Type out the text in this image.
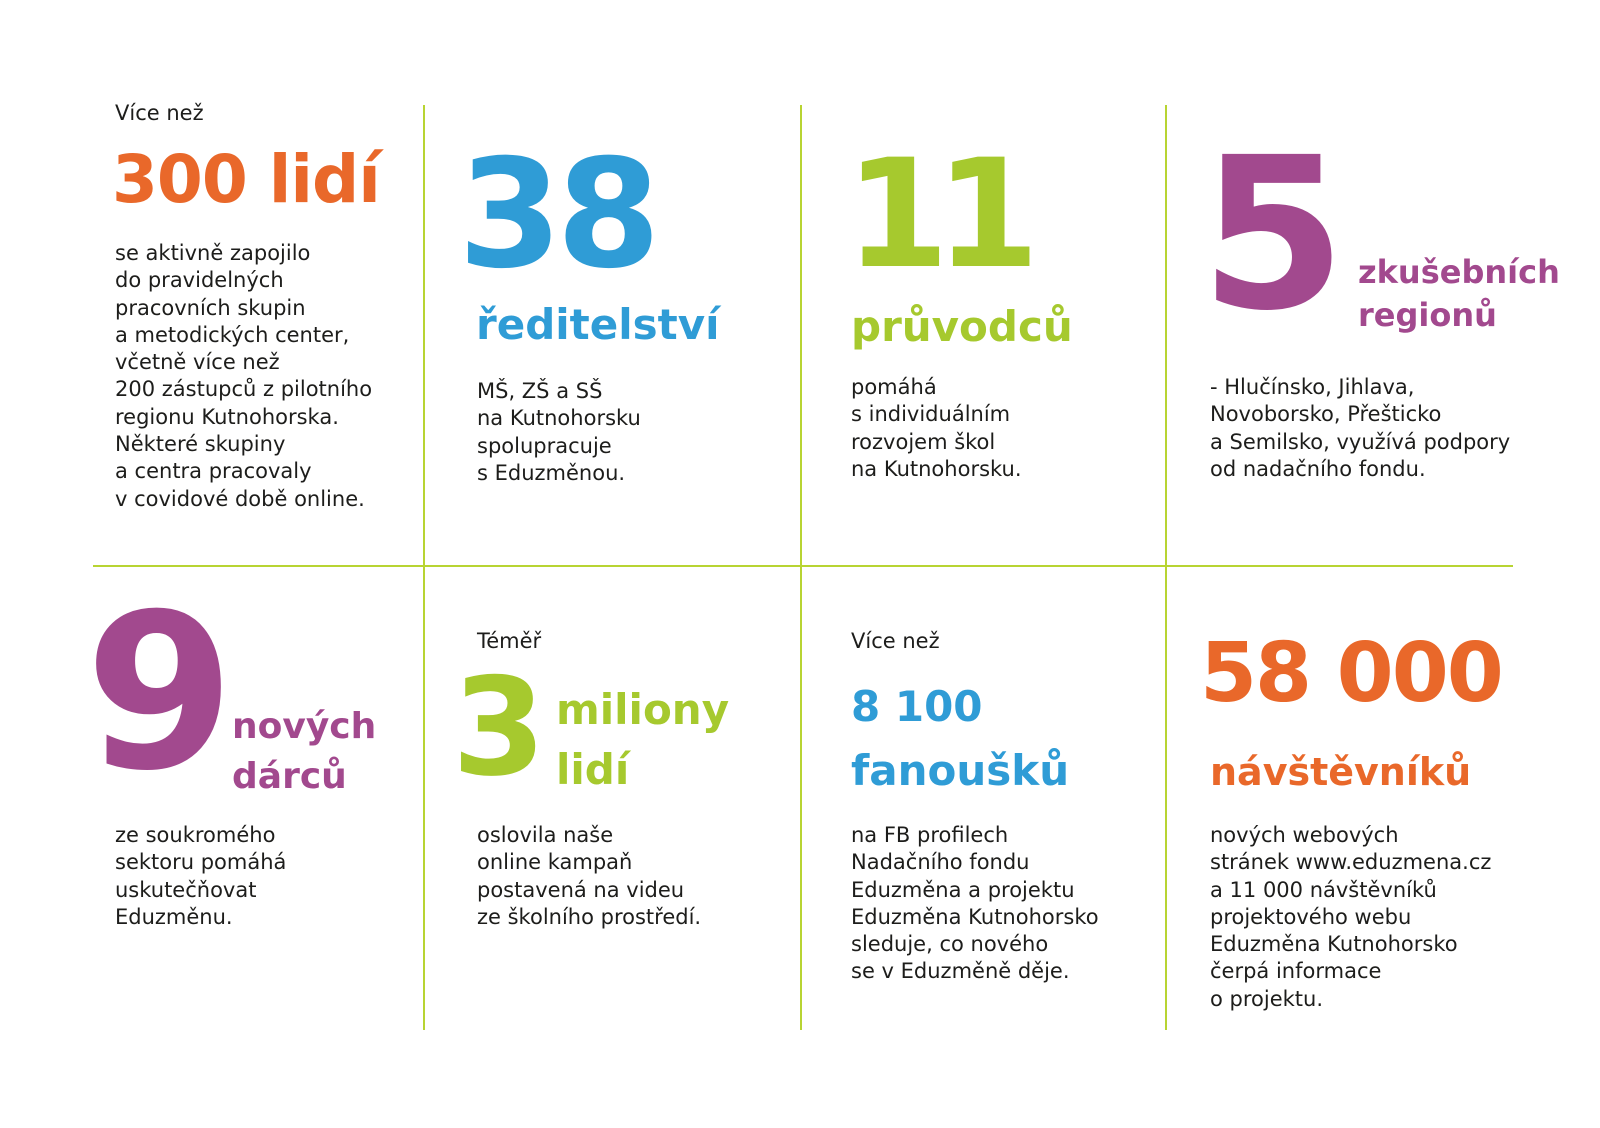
Více než
300 lidí
se aktivně zapojilo
do pravidelných
pracovních skupin
a metodických center,
včetně více než
200 zástupců z pilotního
regionu Kutnohorska.
Některé skupiny
a centra pracovaly
v covidové době online.
38
ředitelství
MŠ, ZŠ a SŠ
na Kutnohorsku
spolupracuje
s Eduzměnou.
11
průvodců
pomáhá
s individuálním
rozvojem škol
na Kutnohorsku.
5 zkušebních
regionů
- Hlučínsko, Jihlava,
Novoborsko, Přešticko
a Semilsko, využívá podpory
od nadačního fondu.
9
nových
dárců
ze soukromého
sektoru pomáhá
uskutečňovat
Eduzměnu.
Téměř
3 miliony
lidí
oslovila naše
online kampaň
postavená na videu
ze školního prostředí.
Více než
8 100
fanoušků
na FB profilech
Nadačního fondu
Eduzměna a projektu
Eduzměna Kutnohorsko
sleduje, co nového
se v Eduzměně děje.
58 000
návštěvníků
nových webových
stránek www.eduzmena.cz
a 11 000 návštěvníků
projektového webu
Eduzměna Kutnohorsko
čerpá informace
o projektu.
